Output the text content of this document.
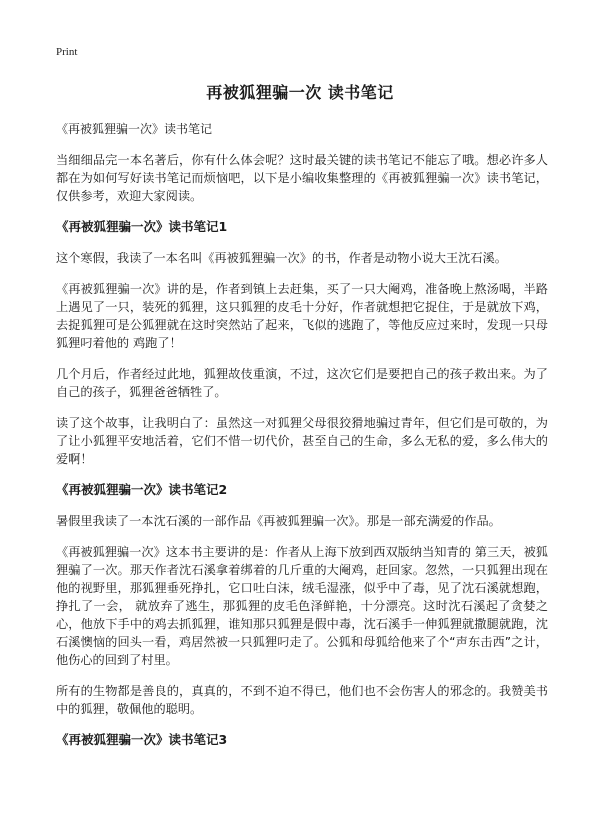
Print
再被狐狸骗一次 读书笔记
《再被狐狸骗一次》读书笔记

当细细品完一本名著后，你有什么体会呢？这时最关键的读书笔记不能忘了哦。想必许多人都在为如何写好读书笔记而烦恼吧，以下是小编收集整理的《再被狐狸骗一次》读书笔记，仅供参考，欢迎大家阅读。

《再被狐狸骗一次》读书笔记1

这个寒假，我读了一本名叫《再被狐狸骗一次》的书，作者是动物小说大王沈石溪。

《再被狐狸骗一次》讲的是，作者到镇上去赶集，买了一只大阉鸡，准备晚上熬汤喝，半路上遇见了一只，装死的狐狸，这只狐狸的皮毛十分好，作者就想把它捉住，于是就放下鸡，去捉狐狸可是公狐狸就在这时突然站了起来，飞似的逃跑了，等他反应过来时，发现一只母狐狸叼着他的 鸡跑了！

几个月后，作者经过此地，狐狸故伎重演，不过，这次它们是要把自己的孩子救出来。为了自己的孩子，狐狸爸爸牺牲了。

读了这个故事，让我明白了：虽然这一对狐狸父母很狡猾地骗过青年，但它们是可敬的，为了让小狐狸平安地活着，它们不惜一切代价，甚至自己的生命，多么无私的爱，多么伟大的爱啊！

《再被狐狸骗一次》读书笔记2

暑假里我读了一本沈石溪的一部作品《再被狐狸骗一次》。那是一部充满爱的作品。

《再被狐狸骗一次》这本书主要讲的是：作者从上海下放到西双版纳当知青的 第三天，被狐狸骗了一次。那天作者沈石溪拿着绑着的几斤重的大阉鸡，赶回家。忽然，一只狐狸出现在他的视野里，那狐狸垂死挣扎，它口吐白沫，绒毛湿涨，似乎中了毒，见了沈石溪就想跑，挣扎了一会， 就放弃了逃生，那狐狸的皮毛色泽鲜艳，十分漂亮。这时沈石溪起了贪婪之心，他放下手中的鸡去抓狐狸，谁知那只狐狸是假中毒，沈石溪手一伸狐狸就撒腿就跑，沈石溪懊恼的回头一看，鸡居然被一只狐狸叼走了。公狐和母狐给他来了个“声东击西”之计，他伤心的回到了村里。

所有的生物都是善良的，真真的，不到不迫不得已，他们也不会伤害人的邪念的。我赞美书中的狐狸，敬佩他的聪明。

《再被狐狸骗一次》读书笔记3
